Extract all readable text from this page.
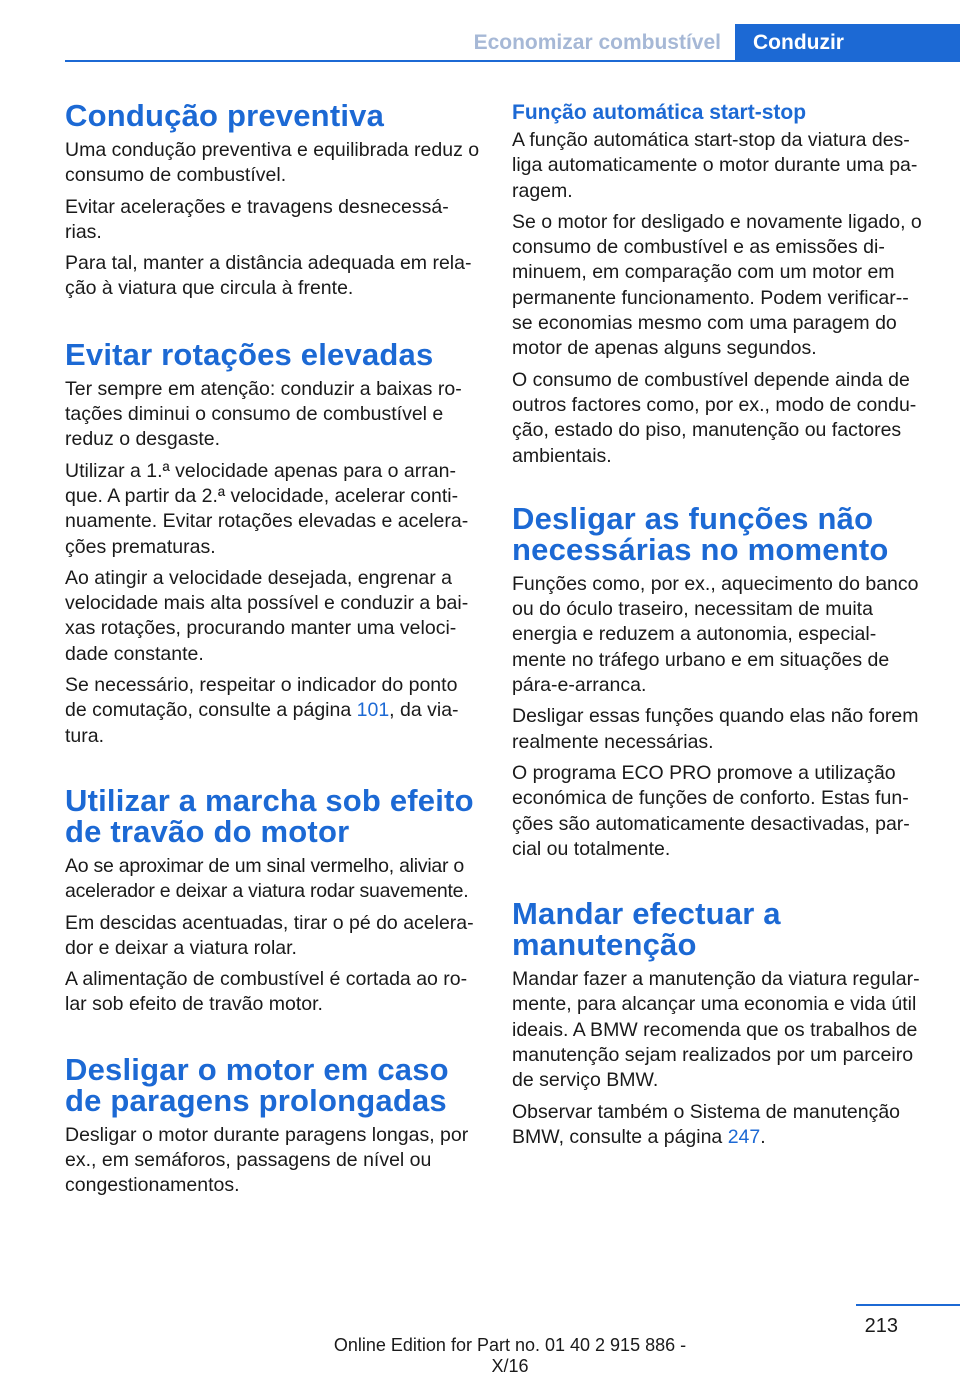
Economizar combustível	Conduzir
Condução preventiva

Uma condução preventiva e equilibrada reduz o consumo de combustível.

Evitar acelerações e travagens desnecessá-rias.

Para tal, manter a distância adequada em rela-ção à viatura que circula à frente.

Evitar rotações elevadas

Ter sempre em atenção: conduzir a baixas ro-tações diminui o consumo de combustível e reduz o desgaste.

Utilizar a 1.ª velocidade apenas para o arran-que. A partir da 2.ª velocidade, acelerar conti-nuamente. Evitar rotações elevadas e acelera-ções prematuras.

Ao atingir a velocidade desejada, engrenar a velocidade mais alta possível e conduzir a bai-xas rotações, procurando manter uma veloci-dade constante.

Se necessário, respeitar o indicador do ponto de comutação, consulte a página 101, da via-tura.

Utilizar a marcha sob efeito de travão do motor

Ao se aproximar de um sinal vermelho, aliviar o acelerador e deixar a viatura rodar suavemente.

Em descidas acentuadas, tirar o pé do acelera-dor e deixar a viatura rolar.

A alimentação de combustível é cortada ao ro-lar sob efeito de travão motor.

Desligar o motor em caso de paragens prolongadas

Desligar o motor durante paragens longas, por ex., em semáforos, passagens de nível ou congestionamentos.

Função automática start-stop

A função automática start-stop da viatura des-liga automaticamente o motor durante uma pa-ragem.

Se o motor for desligado e novamente ligado, o consumo de combustível e as emissões di-minuem, em comparação com um motor em permanente funcionamento. Podem verificar--se economias mesmo com uma paragem do motor de apenas alguns segundos.

O consumo de combustível depende ainda de outros factores como, por ex., modo de condu-ção, estado do piso, manutenção ou factores ambientais.

Desligar as funções não necessárias no momento

Funções como, por ex., aquecimento do banco ou do óculo traseiro, necessitam de muita energia e reduzem a autonomia, especial-mente no tráfego urbano e em situações de pára-e-arranca.

Desligar essas funções quando elas não forem realmente necessárias.

O programa ECO PRO promove a utilização económica de funções de conforto. Estas fun-ções são automaticamente desactivadas, par-cial ou totalmente.

Mandar efectuar a manutenção

Mandar fazer a manutenção da viatura regular-mente, para alcançar uma economia e vida útil ideais. A BMW recomenda que os trabalhos de manutenção sejam realizados por um parceiro de serviço BMW.

Observar também o Sistema de manutenção BMW, consulte a página 247.

213
Online Edition for Part no. 01 40 2 915 886 - X/16
